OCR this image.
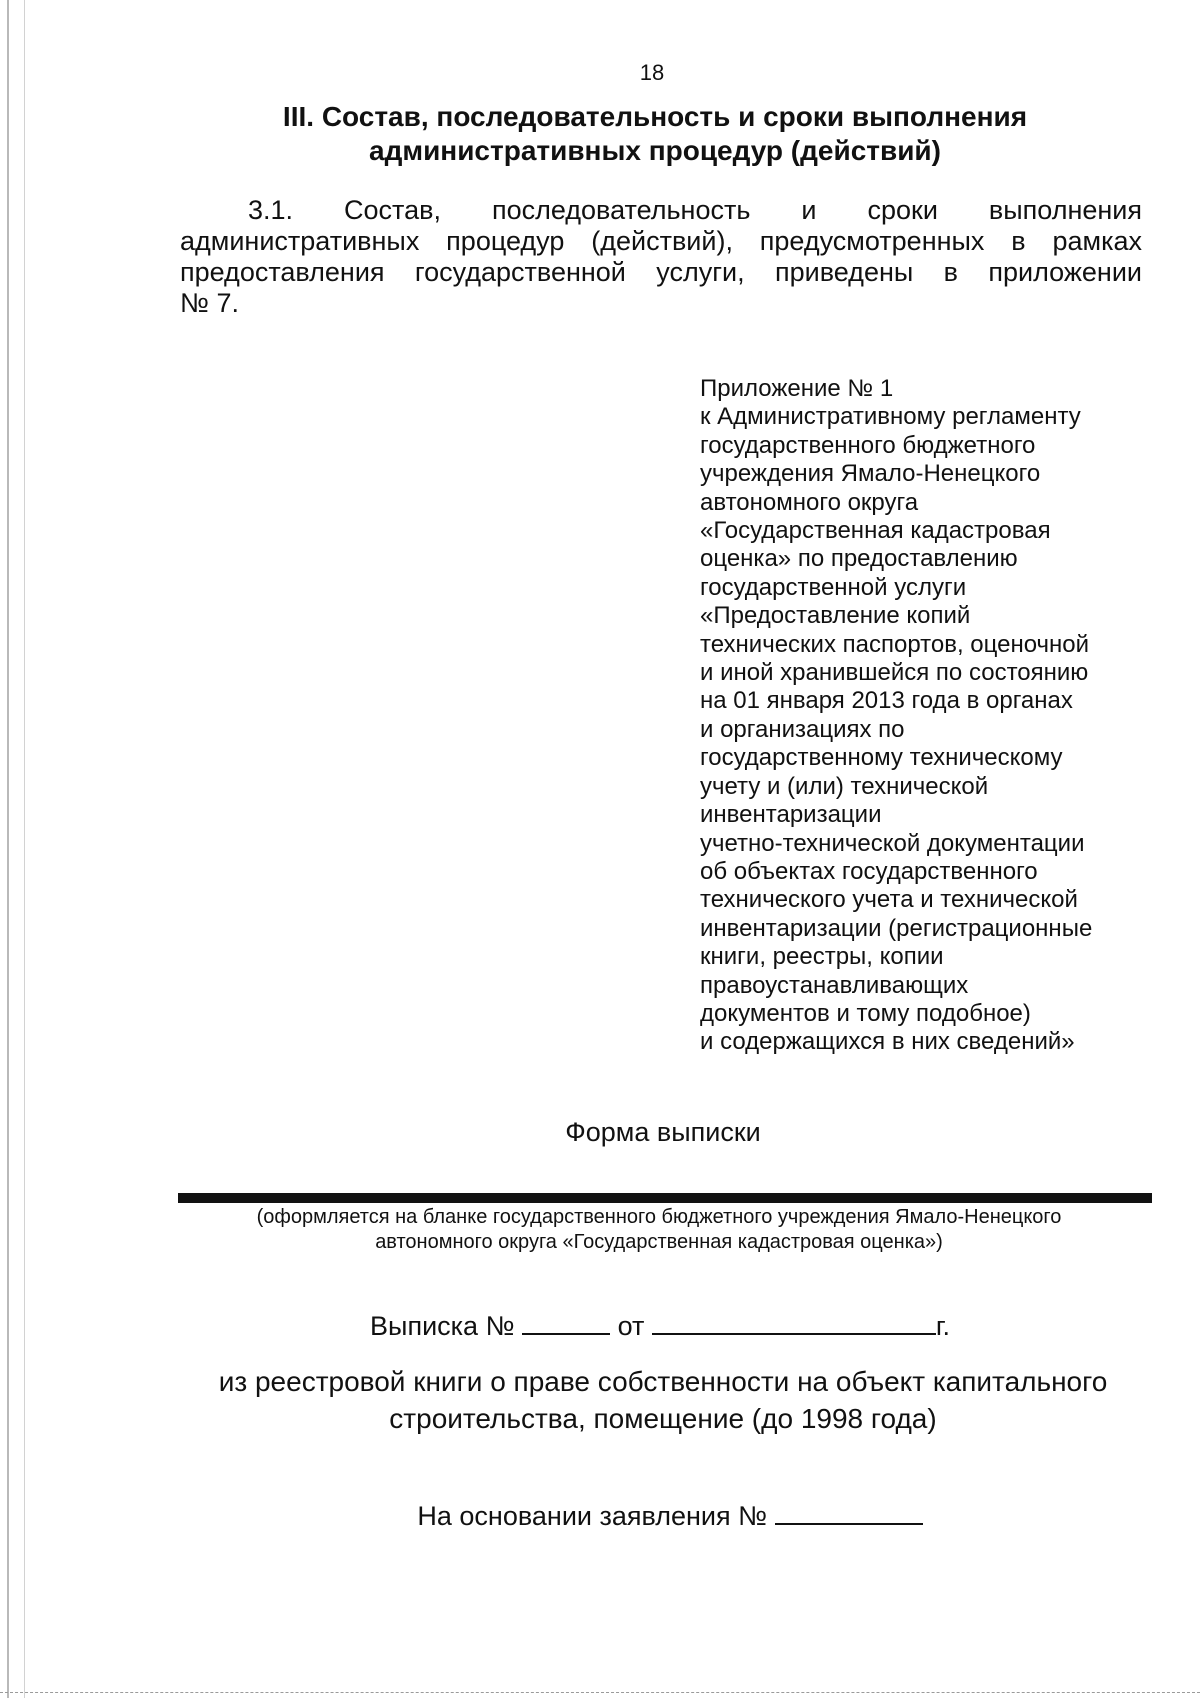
18
III. Состав, последовательность и сроки выполнения
административных процедур (действий)
3.1. Состав, последовательность и сроки выполнения
административных процедур (действий), предусмотренных в рамках
предоставления государственной услуги, приведены в приложении
№ 7.
Приложение № 1
к Административному регламенту
государственного бюджетного
учреждения Ямало-Ненецкого
автономного округа
«Государственная кадастровая
оценка» по предоставлению
государственной услуги
«Предоставление копий
технических паспортов, оценочной
и иной хранившейся по состоянию
на 01 января 2013 года в органах
и организациях по
государственному техническому
учету и (или) технической
инвентаризации
учетно-технической документации
об объектах государственного
технического учета и технической
инвентаризации (регистрационные
книги, реестры, копии
правоустанавливающих
документов и тому подобное)
и содержащихся в них сведений»
Форма выписки
(оформляется на бланке государственного бюджетного учреждения Ямало-Ненецкого
автономного округа «Государственная кадастровая оценка»)
Выписка №	от	г.
из реестровой книги о праве собственности на объект капитального
строительства, помещение (до 1998 года)
На основании заявления №
